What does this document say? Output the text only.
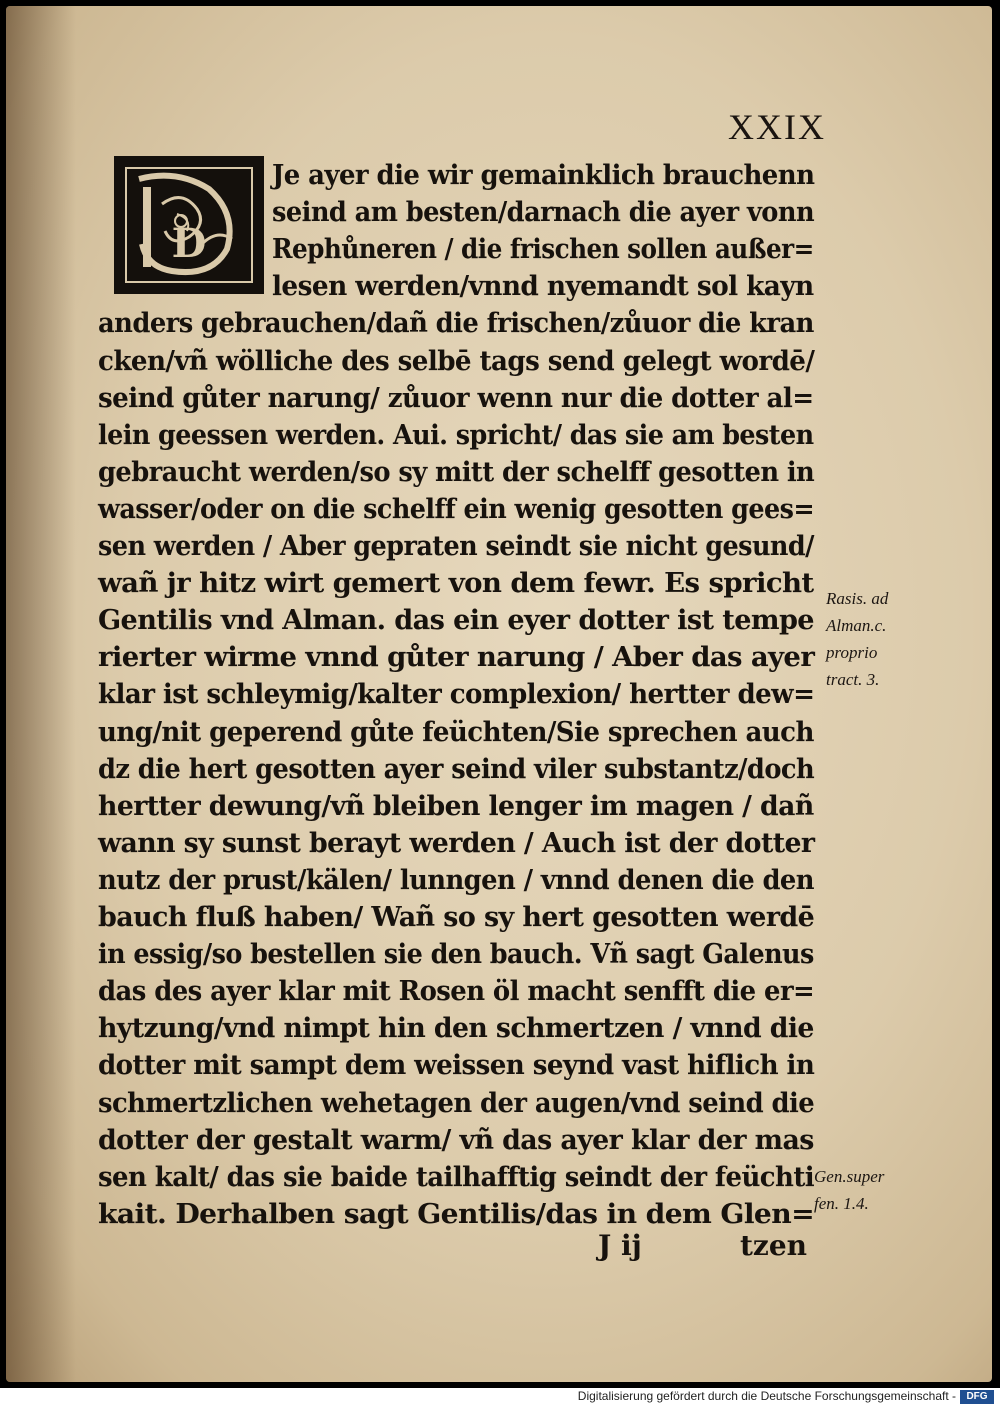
XXIX
D
Je ayer die wir gemainklich brauchenn
seind am besten/darnach die ayer vonn
Rephůneren / die frischen sollen außer=
lesen werden/vnnd nyemandt sol kayn
anders gebrauchen/dañ die frischen/zůuor die kran
cken/vñ wölliche des selbē tags send gelegt wordē/
seind gůter narung/ zůuor wenn nur die dotter al=
lein geessen werden. Aui. spricht/ das sie am besten
gebraucht werden/so sy mitt der schelff gesotten in
wasser/oder on die schelff ein wenig gesotten gees=
sen werden / Aber gepraten seindt sie nicht gesund/
wañ jr hitz wirt gemert von dem fewr. Es spricht
Gentilis vnd Alman. das ein eyer dotter ist tempe
rierter wirme vnnd gůter narung / Aber das ayer
klar ist schleymig/kalter complexion/ hertter dew=
ung/nit geperend gůte feüchten/Sie sprechen auch
dz die hert gesotten ayer seind viler substantz/doch
hertter dewung/vñ bleiben lenger im magen / dañ
wann sy sunst berayt werden / Auch ist der dotter
nutz der prust/kälen/ lunngen / vnnd denen die den
bauch fluß haben/ Wañ so sy hert gesotten werdē
in essig/so bestellen sie den bauch. Vñ sagt Galenus
das des ayer klar mit Rosen öl macht senfft die er=
hytzung/vnd nimpt hin den schmertzen / vnnd die
dotter mit sampt dem weissen seynd vast hiflich in
schmertzlichen wehetagen der augen/vnd seind die
dotter der gestalt warm/ vñ das ayer klar der mas
sen kalt/ das sie baide tailhafftig seindt der feüchti
kait. Derhalben sagt Gentilis/das in dem Glen=
Rasis. ad
Alman.c.
proprio
tract. 3.
Gen.super
fen. 1.4.
J ij	tzen
Digitalisierung gefördert durch die Deutsche Forschungsgemeinschaft -	DFG
